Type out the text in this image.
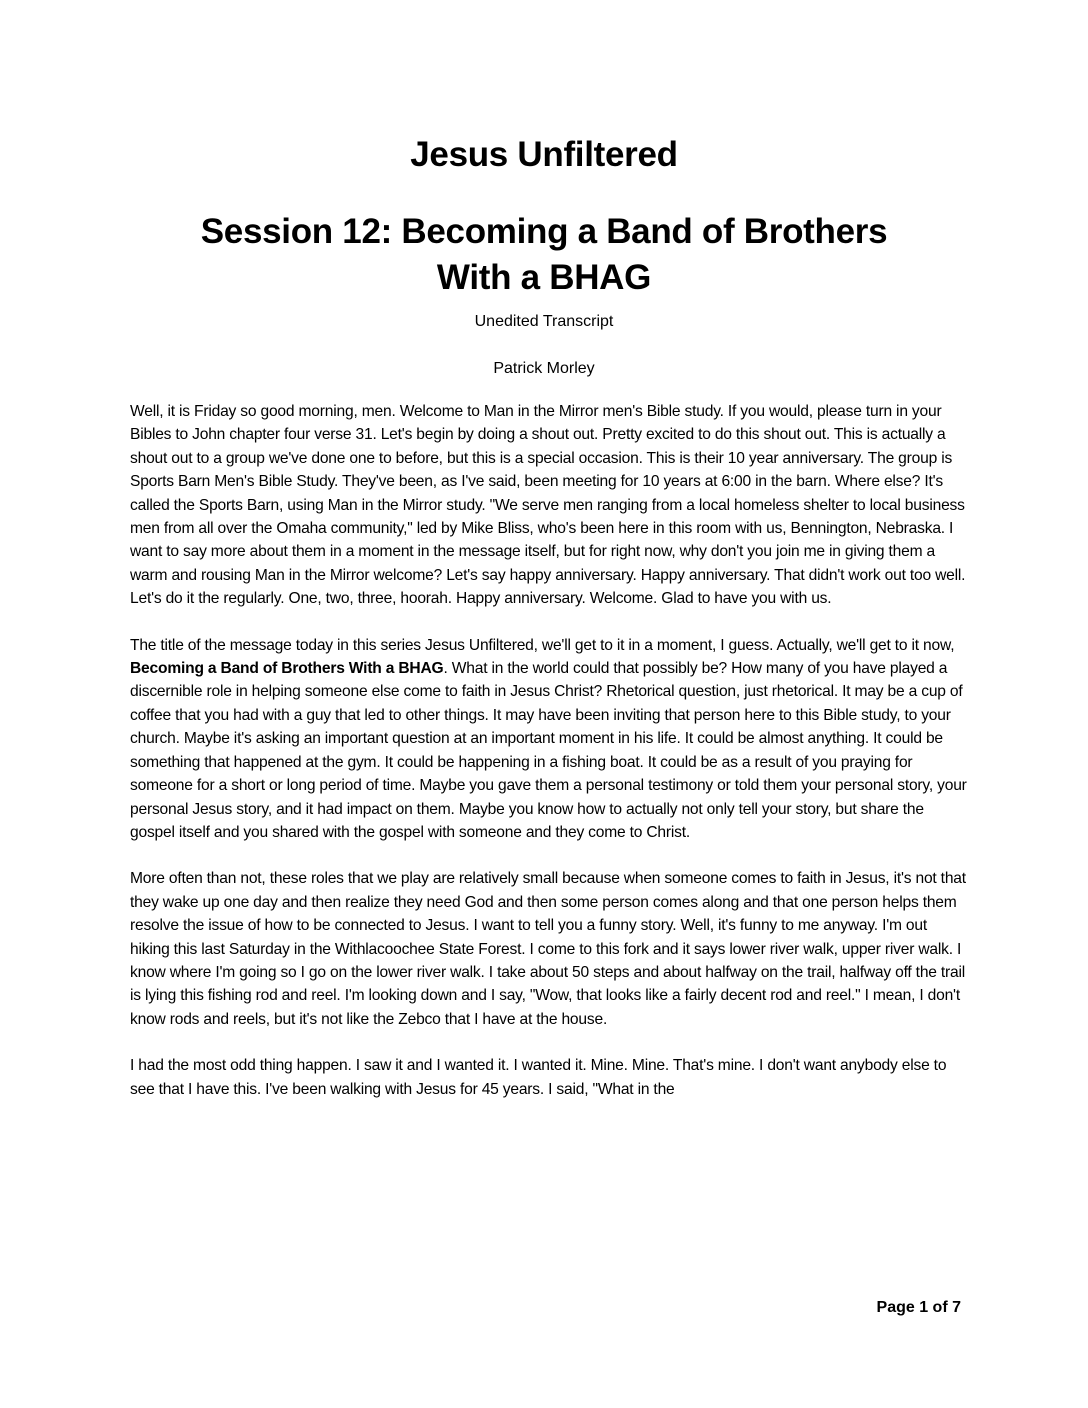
Jesus Unfiltered
Session 12: Becoming a Band of Brothers
With a BHAG
Unedited Transcript
Patrick Morley

Well, it is Friday so good morning, men. Welcome to Man in the Mirror men's Bible study. If you would, please turn in your Bibles to John chapter four verse 31. Let's begin by doing a shout out. Pretty excited to do this shout out. This is actually a shout out to a group we've done one to before, but this is a special occasion. This is their 10 year anniversary. The group is Sports Barn Men's Bible Study. They've been, as I've said, been meeting for 10 years at 6:00 in the barn. Where else? It's called the Sports Barn, using Man in the Mirror study. "We serve men ranging from a local homeless shelter to local business men from all over the Omaha community," led by Mike Bliss, who's been here in this room with us, Bennington, Nebraska. I want to say more about them in a moment in the message itself, but for right now, why don't you join me in giving them a warm and rousing Man in the Mirror welcome? Let's say happy anniversary. Happy anniversary. That didn't work out too well. Let's do it the regularly. One, two, three, hoorah. Happy anniversary. Welcome. Glad to have you with us.

The title of the message today in this series Jesus Unfiltered, we'll get to it in a moment, I guess. Actually, we'll get to it now, Becoming a Band of Brothers With a BHAG. What in the world could that possibly be? How many of you have played a discernible role in helping someone else come to faith in Jesus Christ? Rhetorical question, just rhetorical. It may be a cup of coffee that you had with a guy that led to other things. It may have been inviting that person here to this Bible study, to your church. Maybe it's asking an important question at an important moment in his life. It could be almost anything. It could be something that happened at the gym. It could be happening in a fishing boat. It could be as a result of you praying for someone for a short or long period of time. Maybe you gave them a personal testimony or told them your personal story, your personal Jesus story, and it had impact on them. Maybe you know how to actually not only tell your story, but share the gospel itself and you shared with the gospel with someone and they come to Christ.

More often than not, these roles that we play are relatively small because when someone comes to faith in Jesus, it's not that they wake up one day and then realize they need God and then some person comes along and that one person helps them resolve the issue of how to be connected to Jesus. I want to tell you a funny story. Well, it's funny to me anyway. I'm out hiking this last Saturday in the Withlacoochee State Forest. I come to this fork and it says lower river walk, upper river walk. I know where I'm going so I go on the lower river walk. I take about 50 steps and about halfway on the trail, halfway off the trail is lying this fishing rod and reel. I'm looking down and I say, "Wow, that looks like a fairly decent rod and reel." I mean, I don't know rods and reels, but it's not like the Zebco that I have at the house.

I had the most odd thing happen. I saw it and I wanted it. I wanted it. Mine. Mine. That's mine. I don't want anybody else to see that I have this. I've been walking with Jesus for 45 years. I said, "What in the

Page 1 of 7
